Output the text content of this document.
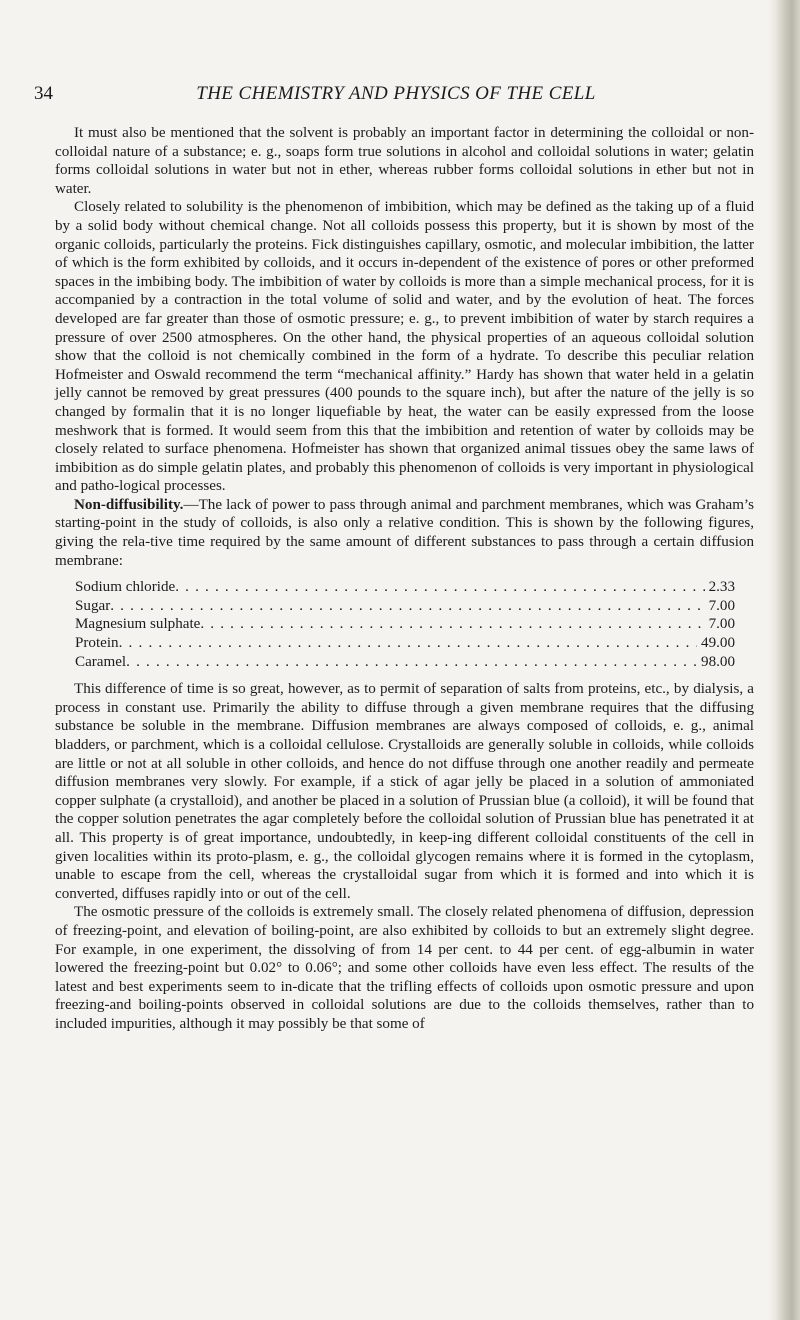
34	THE CHEMISTRY AND PHYSICS OF THE CELL

It must also be mentioned that the solvent is probably an important factor in determining the colloidal or non-colloidal nature of a substance; e. g., soaps form true solutions in alcohol and colloidal solutions in water; gelatin forms colloidal solutions in water but not in ether, whereas rubber forms colloidal solutions in ether but not in water.

Closely related to solubility is the phenomenon of imbibition, which may be defined as the taking up of a fluid by a solid body without chemical change. Not all colloids possess this property, but it is shown by most of the organic colloids, particularly the proteins. Fick distinguishes capillary, osmotic, and molecular imbibition, the latter of which is the form exhibited by colloids, and it occurs in-dependent of the existence of pores or other preformed spaces in the imbibing body. The imbibition of water by colloids is more than a simple mechanical process, for it is accompanied by a contraction in the total volume of solid and water, and by the evolution of heat. The forces developed are far greater than those of osmotic pressure; e. g., to prevent imbibition of water by starch requires a pressure of over 2500 atmospheres. On the other hand, the physical properties of an aqueous colloidal solution show that the colloid is not chemically combined in the form of a hydrate. To describe this peculiar relation Hofmeister and Oswald recommend the term “mechanical affinity.” Hardy has shown that water held in a gelatin jelly cannot be removed by great pressures (400 pounds to the square inch), but after the nature of the jelly is so changed by formalin that it is no longer liquefiable by heat, the water can be easily expressed from the loose meshwork that is formed. It would seem from this that the imbibition and retention of water by colloids may be closely related to surface phenomena. Hofmeister has shown that organized animal tissues obey the same laws of imbibition as do simple gelatin plates, and probably this phenomenon of colloids is very important in physiological and patho-logical processes.

Non-diffusibility.—The lack of power to pass through animal and parchment membranes, which was Graham’s starting-point in the study of colloids, is also only a relative condition. This is shown by the following figures, giving the rela-tive time required by the same amount of different substances to pass through a certain diffusion membrane:

Sodium chloride . . .	2.33
Sugar . . .	7.00
Magnesium sulphate . . .	7.00
Protein . . .	49.00
Caramel . . .	98.00

This difference of time is so great, however, as to permit of separation of salts from proteins, etc., by dialysis, a process in constant use. Primarily the ability to diffuse through a given membrane requires that the diffusing substance be soluble in the membrane. Diffusion membranes are always composed of colloids, e. g., animal bladders, or parchment, which is a colloidal cellulose. Crystalloids are generally soluble in colloids, while colloids are little or not at all soluble in other colloids, and hence do not diffuse through one another readily and permeate diffusion membranes very slowly. For example, if a stick of agar jelly be placed in a solution of ammoniated copper sulphate (a crystalloid), and another be placed in a solution of Prussian blue (a colloid), it will be found that the copper solution penetrates the agar completely before the colloidal solution of Prussian blue has penetrated it at all. This property is of great importance, undoubtedly, in keep-ing different colloidal constituents of the cell in given localities within its proto-plasm, e. g., the colloidal glycogen remains where it is formed in the cytoplasm, unable to escape from the cell, whereas the crystalloidal sugar from which it is formed and into which it is converted, diffuses rapidly into or out of the cell.

The osmotic pressure of the colloids is extremely small. The closely related phenomena of diffusion, depression of freezing-point, and elevation of boiling-point, are also exhibited by colloids to but an extremely slight degree. For example, in one experiment, the dissolving of from 14 per cent. to 44 per cent. of egg-albumin in water lowered the freezing-point but 0.02° to 0.06°; and some other colloids have even less effect. The results of the latest and best experiments seem to in-dicate that the trifling effects of colloids upon osmotic pressure and upon freezing-and boiling-points observed in colloidal solutions are due to the colloids themselves, rather than to included impurities, although it may possibly be that some of
